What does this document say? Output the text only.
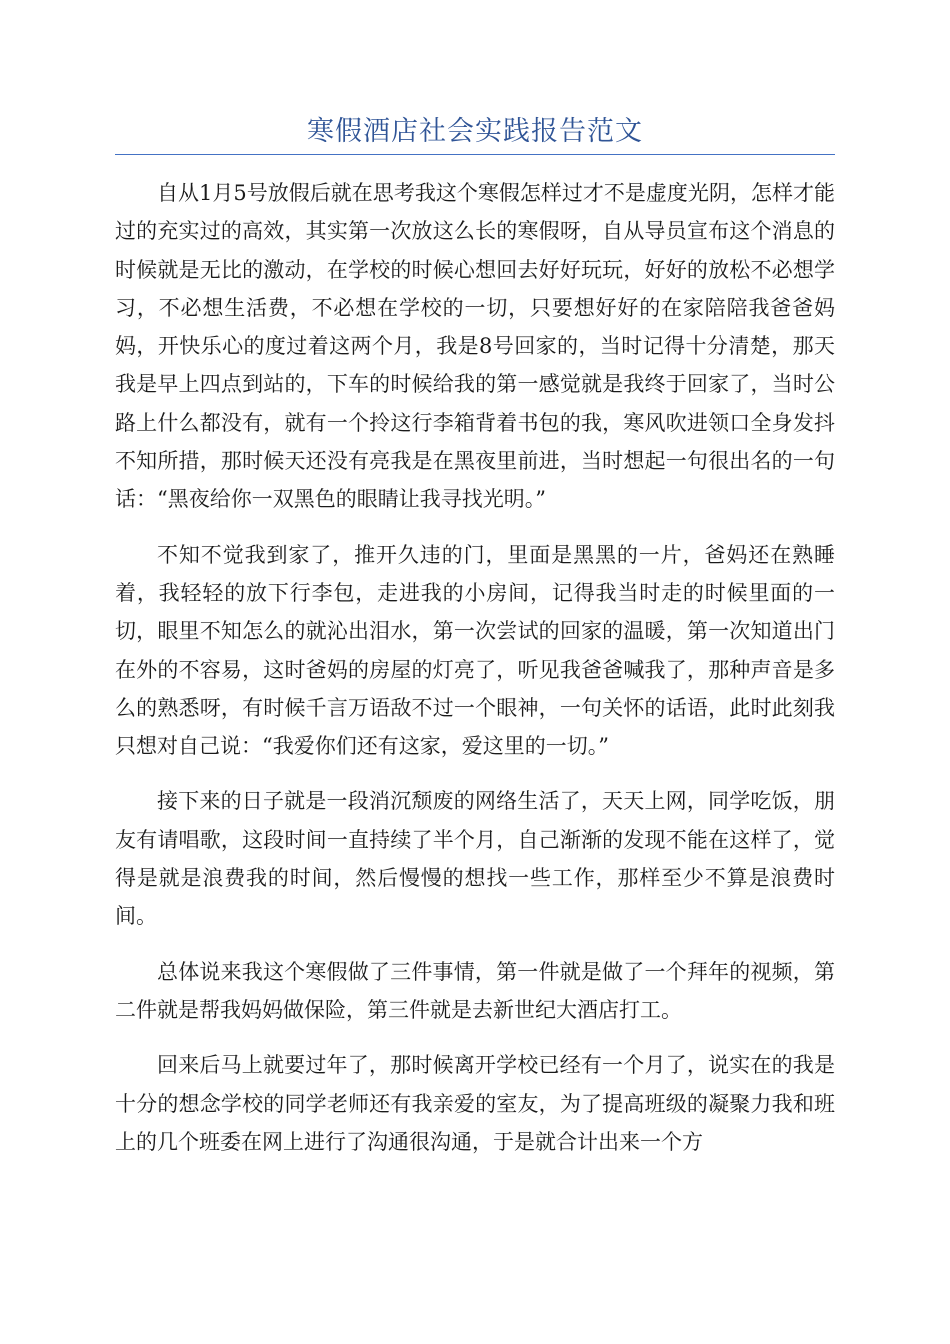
寒假酒店社会实践报告范文

自从1月5号放假后就在思考我这个寒假怎样过才不是虚度光阴，怎样才能过的充实过的高效，其实第一次放这么长的寒假呀，自从导员宣布这个消息的时候就是无比的激动，在学校的时候心想回去好好玩玩，好好的放松不必想学习，不必想生活费，不必想在学校的一切，只要想好好的在家陪陪我爸爸妈妈，开快乐心的度过着这两个月，我是8号回家的，当时记得十分清楚，那天我是早上四点到站的，下车的时候给我的第一感觉就是我终于回家了，当时公路上什么都没有，就有一个拎这行李箱背着书包的我，寒风吹进领口全身发抖不知所措，那时候天还没有亮我是在黑夜里前进，当时想起一句很出名的一句话：“黑夜给你一双黑色的眼睛让我寻找光明。”

不知不觉我到家了，推开久违的门，里面是黑黑的一片，爸妈还在熟睡着，我轻轻的放下行李包，走进我的小房间，记得我当时走的时候里面的一切，眼里不知怎么的就沁出泪水，第一次尝试的回家的温暖，第一次知道出门在外的不容易，这时爸妈的房屋的灯亮了，听见我爸爸喊我了，那种声音是多么的熟悉呀，有时候千言万语敌不过一个眼神，一句关怀的话语，此时此刻我只想对自己说：“我爱你们还有这家，爱这里的一切。”

接下来的日子就是一段消沉颓废的网络生活了，天天上网，同学吃饭，朋友有请唱歌，这段时间一直持续了半个月，自己渐渐的发现不能在这样了，觉得是就是浪费我的时间，然后慢慢的想找一些工作，那样至少不算是浪费时间。

总体说来我这个寒假做了三件事情，第一件就是做了一个拜年的视频，第二件就是帮我妈妈做保险，第三件就是去新世纪大酒店打工。

回来后马上就要过年了，那时候离开学校已经有一个月了，说实在的我是十分的想念学校的同学老师还有我亲爱的室友，为了提高班级的凝聚力我和班上的几个班委在网上进行了沟通很沟通，于是就合计出来一个方
